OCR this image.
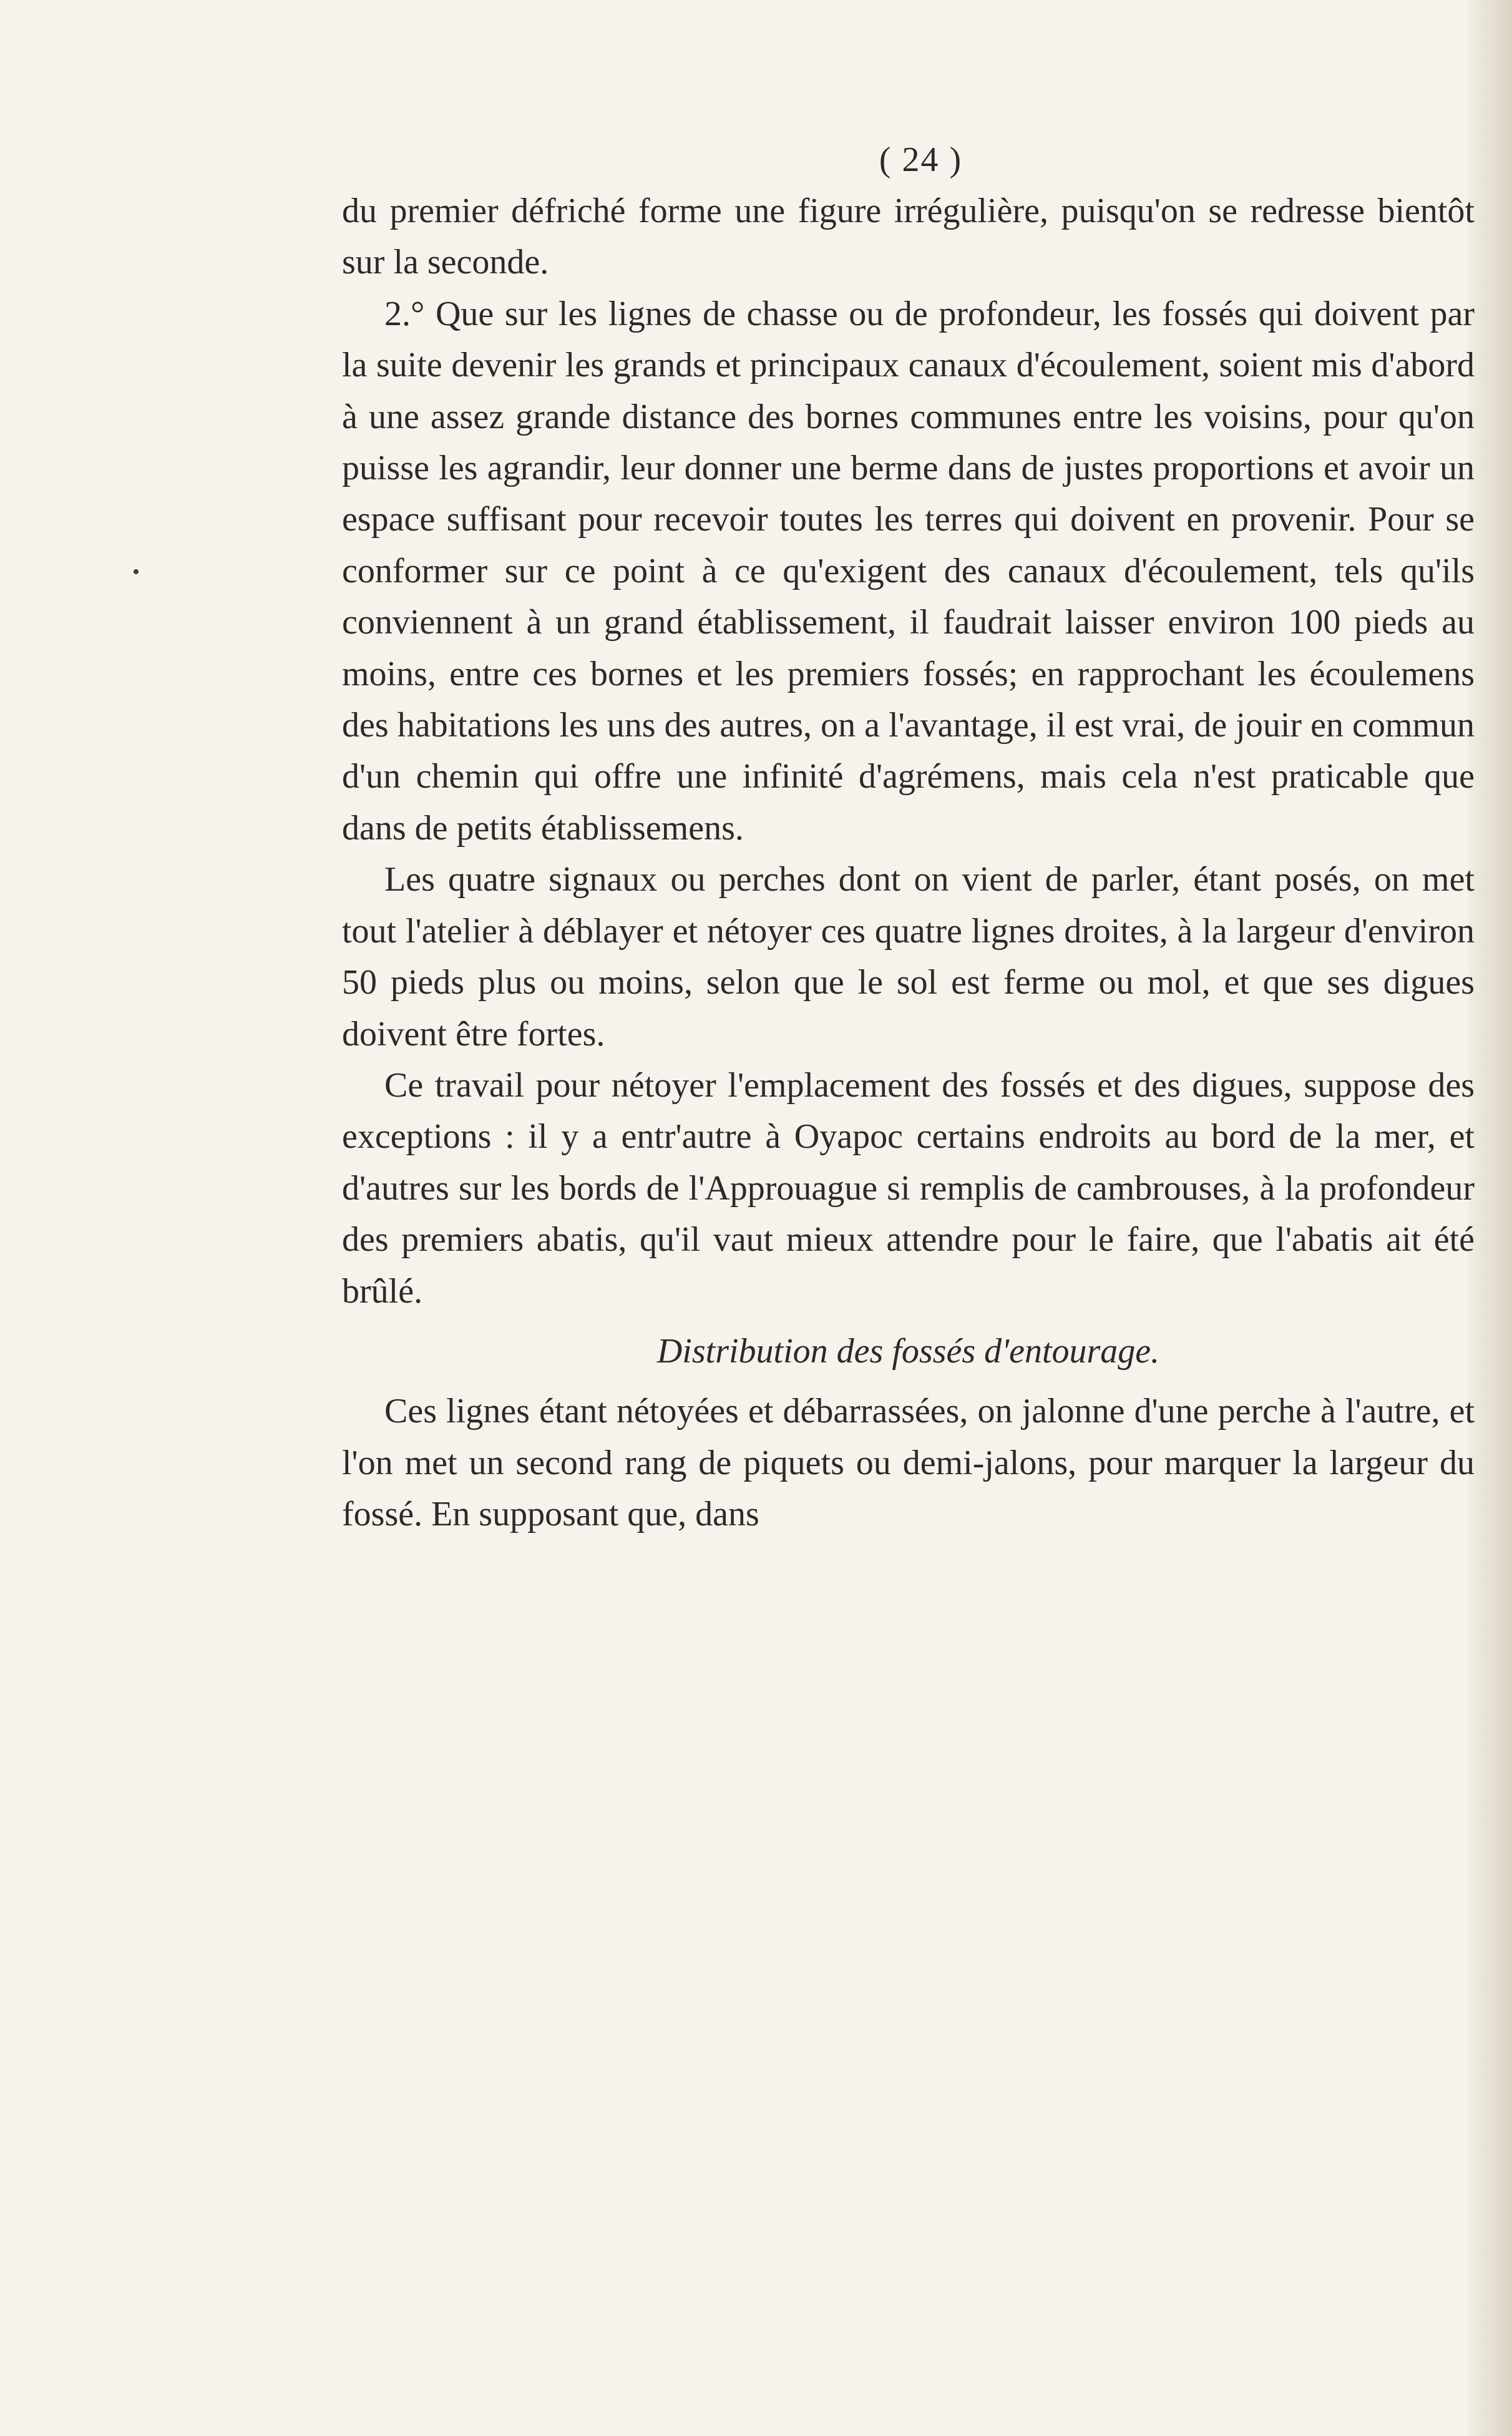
( 24 )

du premier défriché forme une figure irrégulière, puisqu'on se redresse bientôt sur la seconde.

2.° Que sur les lignes de chasse ou de profondeur, les fossés qui doivent par la suite devenir les grands et principaux canaux d'écoulement, soient mis d'abord à une assez grande distance des bornes communes entre les voisins, pour qu'on puisse les agrandir, leur donner une berme dans de justes proportions et avoir un espace suffisant pour recevoir toutes les terres qui doivent en provenir. Pour se conformer sur ce point à ce qu'exigent des canaux d'écoulement, tels qu'ils conviennent à un grand établissement, il faudrait laisser environ 100 pieds au moins, entre ces bornes et les premiers fossés; en rapprochant les écoulemens des habitations les uns des autres, on a l'avantage, il est vrai, de jouir en commun d'un chemin qui offre une infinité d'agrémens, mais cela n'est praticable que dans de petits établissemens.

Les quatre signaux ou perches dont on vient de parler, étant posés, on met tout l'atelier à déblayer et nétoyer ces quatre lignes droites, à la largeur d'environ 50 pieds plus ou moins, selon que le sol est ferme ou mol, et que ses digues doivent être fortes.

Ce travail pour nétoyer l'emplacement des fossés et des digues, suppose des exceptions : il y a entr'autre à Oyapoc certains endroits au bord de la mer, et d'autres sur les bords de l'Approuague si remplis de cambrouses, à la profondeur des premiers abatis, qu'il vaut mieux attendre pour le faire, que l'abatis ait été brûlé.

Distribution des fossés d'entourage.

Ces lignes étant nétoyées et débarrassées, on jalonne d'une perche à l'autre, et l'on met un second rang de piquets ou demi-jalons, pour marquer la largeur du fossé. En supposant que, dans
